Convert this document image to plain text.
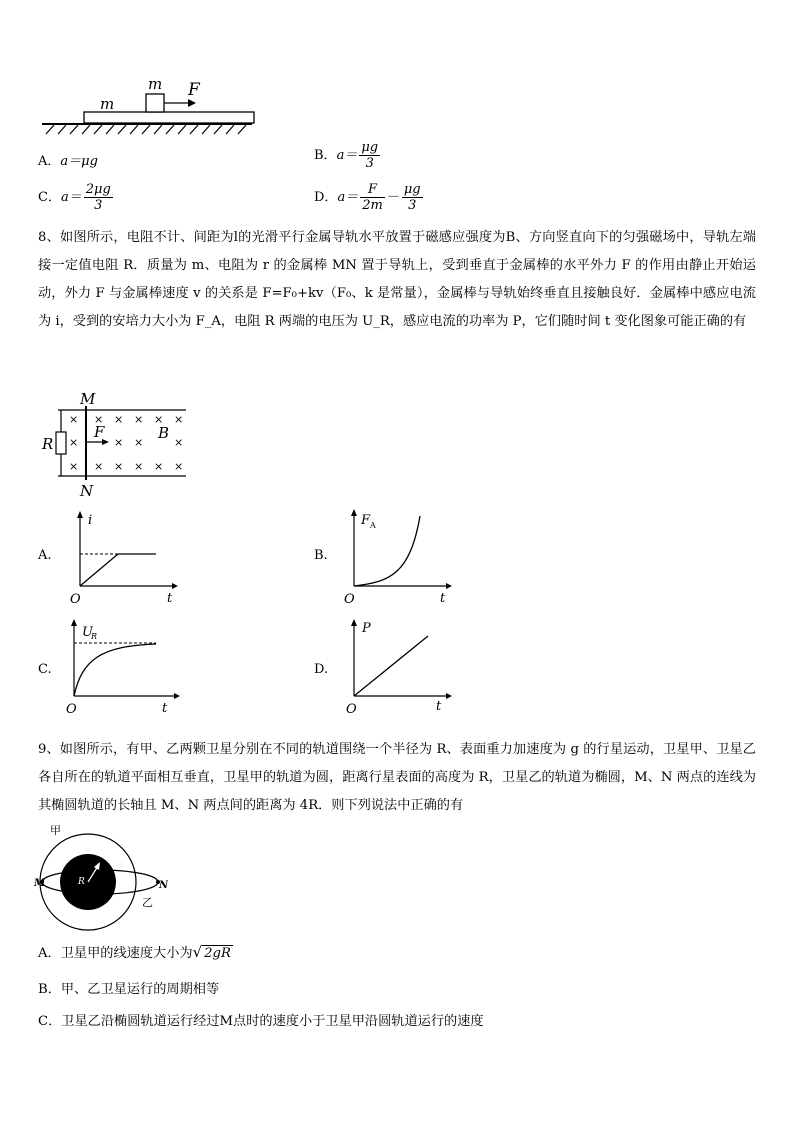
m
m
F
A．a＝μg	B．$a= \frac{\mu g}{3}$
C．$a= \frac{2\mu g}{3}$	D．$a= \frac{F}{2m} - \frac{\mu g}{3}$
8、如图所示，电阻不计、间距为l的光滑平行金属导轨水平放置于磁感应强度为B、方向竖直向下的匀强磁场中，导轨左端接一定值电阻 R．质量为 m、电阻为 r 的金属棒 MN 置于导轨上，受到垂直于金属棒的水平外力 F 的作用由静止开始运动，外力 F 与金属棒速度 v 的关系是 F=F₀+kv（F₀、k 是常量），金属棒与导轨始终垂直且接触良好．金属棒中感应电流为 i，受到的安培力大小为 F_A，电阻 R 两端的电压为 U_R，感应电流的功率为 P，它们随时间 t 变化图象可能正确的有
×
×
×
× × × × ×
× ×	×
× × × × ×
M
N
R
F	B
A.
i
O	t
B.
F A
O	t
C.
U
R
O	t
D.
P
O	t
9、如图所示，有甲、乙两颗卫星分别在不同的轨道围绕一个半径为 R、表面重力加速度为 g 的行星运动，卫星甲、卫星乙各自所在的轨道平面相互垂直，卫星甲的轨道为圆，距离行星表面的高度为 R，卫星乙的轨道为椭圆，M、N 两点的连线为其椭圆轨道的长轴且 M、N 两点间的距离为 4R．则下列说法中正确的有
甲
乙
M	N
R
A．卫星甲的线速度大小为√ 2gR
B．甲、乙卫星运行的周期相等
C．卫星乙沿椭圆轨道运行经过M点时的速度小于卫星甲沿圆轨道运行的速度
